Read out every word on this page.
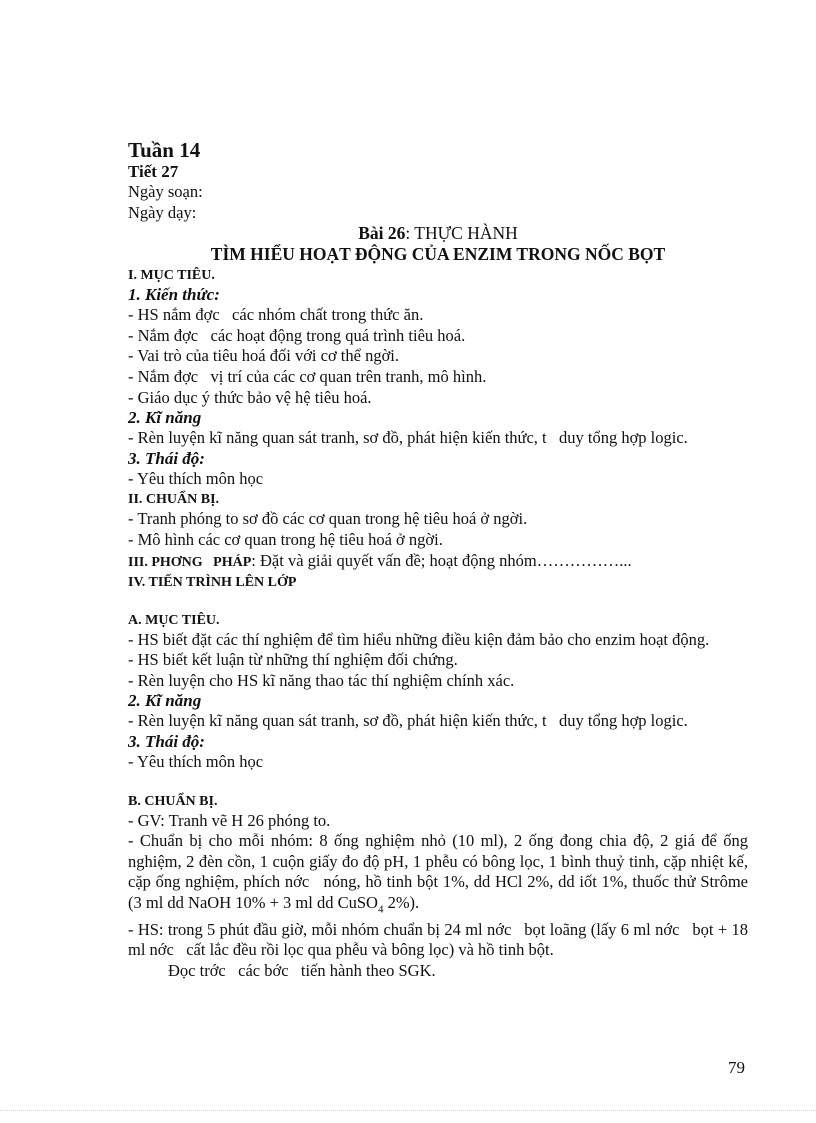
Tuần 14
Tiết 27
Ngày soạn:
Ngày dạy:
Bài 26: THỰC HÀNH
TÌM HIỂU HOẠT ĐỘNG CỦA ENZIM TRONG NỐC BỌT
I. MỤC TIÊU.
1. Kiến thức:
- HS nắm đợc   các nhóm chất trong thức ăn.
- Nắm đợc   các hoạt động trong quá trình tiêu hoá.
- Vai trò của tiêu hoá đối với cơ thể ngời.
- Nắm đợc   vị trí của các cơ quan trên tranh, mô hình.
- Giáo dục ý thức bảo vệ hệ tiêu hoá.
2. Kĩ năng
- Rèn luyện kĩ năng quan sát tranh, sơ đồ, phát hiện kiến thức, t   duy tổng hợp logic.
3. Thái độ:
- Yêu thích môn học
II. CHUẨN BỊ.
- Tranh phóng to sơ đồ các cơ quan trong hệ tiêu hoá ở ngời.
- Mô hình các cơ quan trong hệ tiêu hoá ở ngời.
III. PHƠNG   PHÁP: Đặt và giải quyết vấn đề; hoạt động nhóm……………...
IV. TIẾN TRÌNH LÊN LỚP
A. MỤC TIÊU.
- HS biết đặt các thí nghiệm để tìm hiểu những điều kiện đảm bảo cho enzim hoạt động.
- HS biết kết luận từ những thí nghiệm đối chứng.
- Rèn luyện cho HS kĩ năng thao tác thí nghiệm chính xác.
2. Kĩ năng
- Rèn luyện kĩ năng quan sát tranh, sơ đồ, phát hiện kiến thức, t   duy tổng hợp logic.
3. Thái độ:
- Yêu thích môn học
B. CHUẨN BỊ.
- GV: Tranh vẽ H 26 phóng to.
- Chuẩn bị cho mỗi nhóm: 8 ống nghiệm nhỏ (10 ml), 2 ống đong chia độ, 2 giá để ống nghiệm, 2 đèn cồn, 1 cuộn giấy đo độ pH, 1 phễu có bông lọc, 1 bình thuỷ tinh, cặp nhiệt kế, cặp ống nghiệm, phích nớc   nóng, hồ tinh bột 1%, dd HCl 2%, dd iốt 1%, thuốc thử Strôme (3 ml dd NaOH 10% + 3 ml dd CuSO$_4$ 2%).
- HS: trong 5 phút đầu giờ, mỗi nhóm chuẩn bị 24 ml nớc   bọt loãng (lấy 6 ml nớc   bọt + 18 ml nớc   cất lắc đều rồi lọc qua phễu và bông lọc) và hồ tinh bột.
Đọc trớc   các bớc   tiến hành theo SGK.
79
